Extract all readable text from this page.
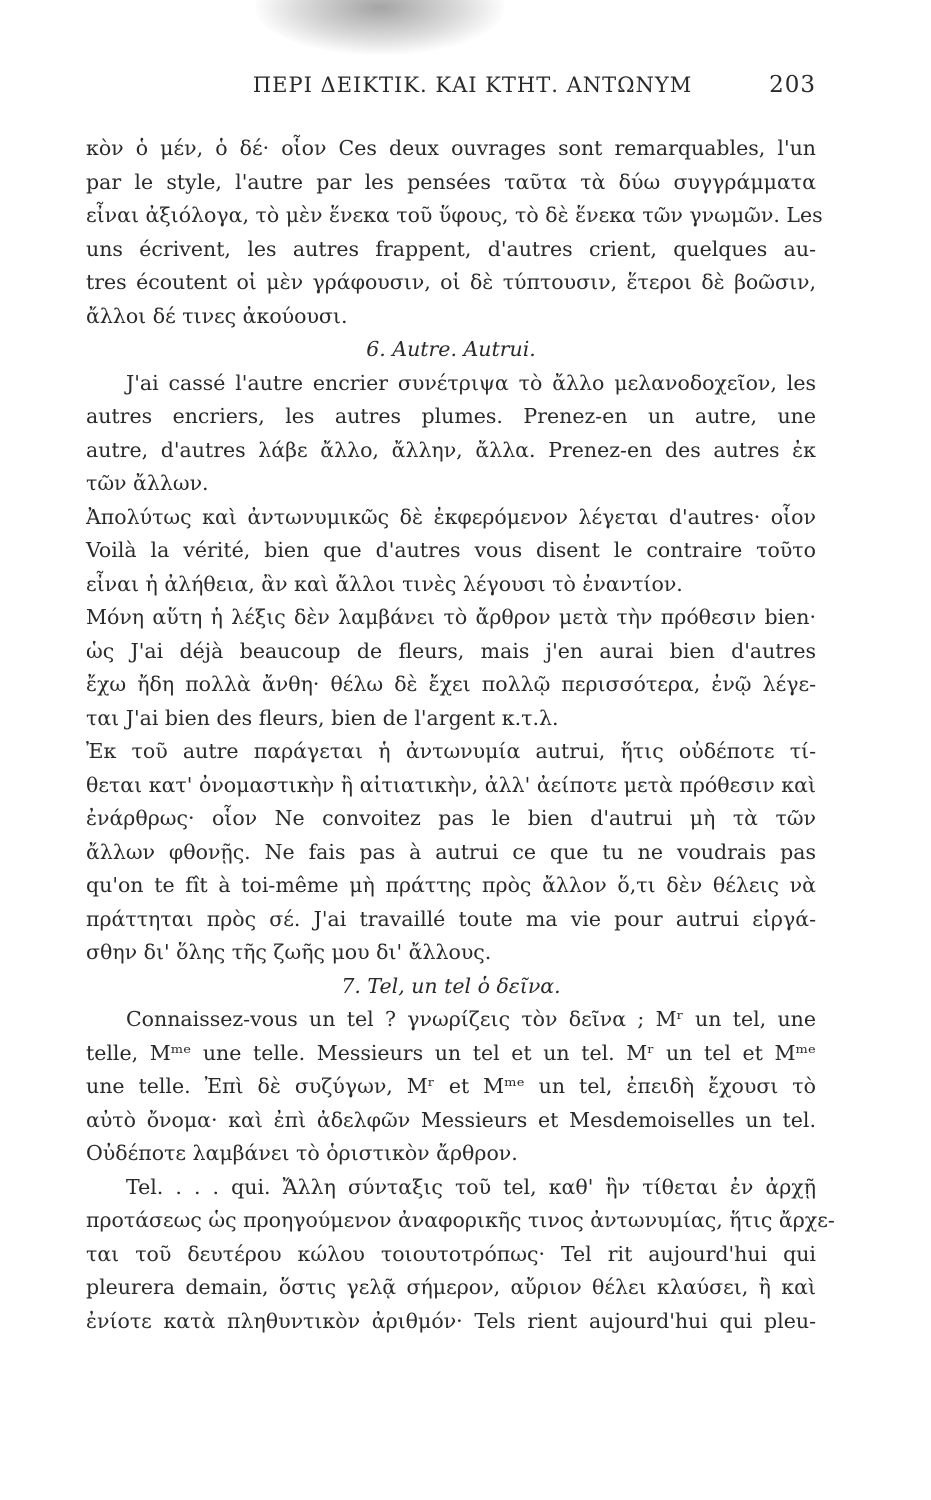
ΠΕΡΙ ΔΕΙΚΤΙΚ. ΚΑΙ ΚΤΗΤ. ΑΝΤΩΝΥΜ	203
κὸν ὁ μέν, ὁ δέ· οἷον Ces deux ouvrages sont remarquables, l'un
par le style, l'autre par les pensées ταῦτα τὰ δύω συγγράμματα
εἶναι ἀξιόλογα, τὸ μὲν ἕνεκα τοῦ ὕφους, τὸ δὲ ἕνεκα τῶν γνωμῶν. Les
uns écrivent, les autres frappent, d'autres crient, quelques au-
tres écoutent οἱ μὲν γράφουσιν, οἱ δὲ τύπτουσιν, ἕτεροι δὲ βοῶσιν,
ἄλλοι δέ τινες ἀκούουσι.
6. Autre. Autrui.
J'ai cassé l'autre encrier συνέτριψα τὸ ἄλλο μελανοδοχεῖον, les
autres encriers, les autres plumes. Prenez-en un autre, une
autre, d'autres λάβε ἄλλο, ἄλλην, ἄλλα. Prenez-en des autres ἐκ
τῶν ἄλλων.
Ἀπολύτως καὶ ἀντωνυμικῶς δὲ ἐκφερόμενον λέγεται d'autres· οἷον
Voilà la vérité, bien que d'autres vous disent le contraire τοῦτο
εἶναι ἡ ἀλήθεια, ἂν καὶ ἄλλοι τινὲς λέγουσι τὸ ἐναντίον.
Μόνη αὕτη ἡ λέξις δὲν λαμβάνει τὸ ἄρθρον μετὰ τὴν πρόθεσιν bien·
ὡς J'ai déjà beaucoup de fleurs, mais j'en aurai bien d'autres
ἔχω ἤδη πολλὰ ἄνθη· θέλω δὲ ἔχει πολλῷ περισσότερα, ἐνῷ λέγε-
ται J'ai bien des fleurs, bien de l'argent κ.τ.λ.
Ἐκ τοῦ autre παράγεται ἡ ἀντωνυμία autrui, ἥτις οὐδέποτε τί-
θεται κατ' ὀνομαστικὴν ἢ αἰτιατικὴν, ἀλλ' ἀείποτε μετὰ πρόθεσιν καὶ
ἐνάρθρως· οἷον Ne convoitez pas le bien d'autrui μὴ τὰ τῶν
ἄλλων φθονῇς. Ne fais pas à autrui ce que tu ne voudrais pas
qu'on te fît à toi-même μὴ πράττης πρὸς ἄλλον ὅ,τι δὲν θέλεις νὰ
πράττηται πρὸς σέ. J'ai travaillé toute ma vie pour autrui εἰργά-
σθην δι' ὅλης τῆς ζωῆς μου δι' ἄλλους.
7. Tel, un tel ὁ δεῖνα.
Connaissez-vous un tel ? γνωρίζεις τὸν δεῖνα ; Mʳ un tel, une
telle, Mᵐᵉ une telle. Messieurs un tel et un tel. Mʳ un tel et Mᵐᵉ
une telle. Ἐπὶ δὲ συζύγων, Mʳ et Mᵐᵉ un tel, ἐπειδὴ ἔχουσι τὸ
αὐτὸ ὄνομα· καὶ ἐπὶ ἀδελφῶν Messieurs et Mesdemoiselles un tel.
Οὐδέποτε λαμβάνει τὸ ὁριστικὸν ἄρθρον.
Tel. . . . qui. Ἄλλη σύνταξις τοῦ tel, καθ' ἣν τίθεται ἐν ἀρχῇ
προτάσεως ὡς προηγούμενον ἀναφορικῆς τινος ἀντωνυμίας, ἥτις ἄρχε-
ται τοῦ δευτέρου κώλου τοιουτοτρόπως· Tel rit aujourd'hui qui
pleurera demain, ὅστις γελᾷ σήμερον, αὔριον θέλει κλαύσει, ἢ καὶ
ἐνίοτε κατὰ πληθυντικὸν ἀριθμόν· Tels rient aujourd'hui qui pleu-
